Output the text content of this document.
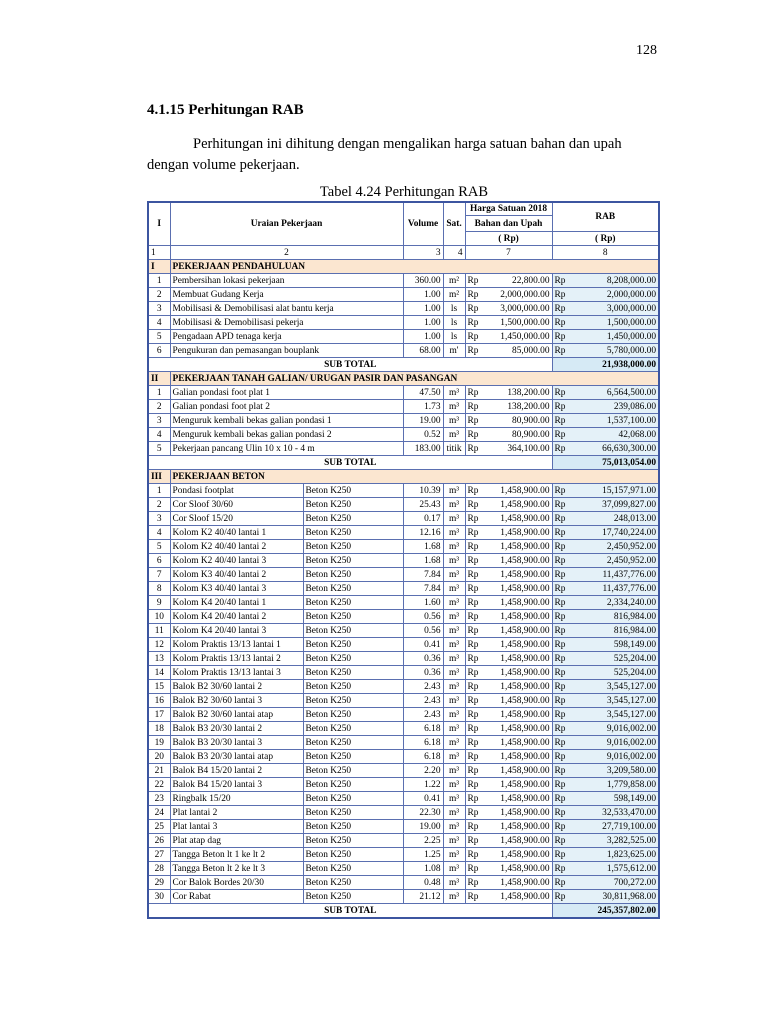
128
4.1.15 Perhitungan RAB
Perhitungan ini dihitung dengan mengalikan harga satuan bahan dan upah dengan volume pekerjaan.
Tabel 4.24 Perhitungan RAB
I	Uraian Pekerjaan		Volume	Sat.	Harga Satuan 2018		RAB	
					Bahan dan Upah			
					( Rp)		( Rp)	
1	2		3	4	7		8	
I	PEKERJAAN PENDAHULUAN							
1	Pembersihan lokasi pekerjaan		360.00	m²	Rp	22,800.00	Rp	8,208,000.00
2	Membuat Gudang Kerja		1.00	m²	Rp	2,000,000.00	Rp	2,000,000.00
3	Mobilisasi & Demobilisasi alat bantu kerja		1.00	ls	Rp	3,000,000.00	Rp	3,000,000.00
4	Mobilisasi & Demobilisasi pekerja		1.00	ls	Rp	1,500,000.00	Rp	1,500,000.00
5	Pengadaan APD tenaga kerja		1.00	ls	Rp	1,450,000.00	Rp	1,450,000.00
6	Pengukuran dan pemasangan bouplank		68.00	m'	Rp	85,000.00	Rp	5,780,000.00
SUB TOTAL							21,938,000.00	
II	PEKERJAAN TANAH GALIAN/ URUGAN PASIR DAN PASANGAN							
1	Galian pondasi foot plat 1		47.50	m³	Rp	138,200.00	Rp	6,564,500.00
2	Galian pondasi foot plat 2		1.73	m³	Rp	138,200.00	Rp	239,086.00
3	Menguruk kembali bekas galian pondasi 1		19.00	m³	Rp	80,900.00	Rp	1,537,100.00
4	Menguruk kembali bekas galian pondasi 2		0.52	m³	Rp	80,900.00	Rp	42,068.00
5	Pekerjaan pancang Ulin 10 x 10 - 4 m		183.00	titik	Rp	364,100.00	Rp	66,630,300.00
SUB TOTAL							75,013,054.00	
III	PEKERJAAN BETON							
1	Pondasi footplat	Beton K250	10.39	m³	Rp	1,458,900.00	Rp	15,157,971.00
2	Cor Sloof 30/60	Beton K250	25.43	m³	Rp	1,458,900.00	Rp	37,099,827.00
3	Cor Sloof 15/20	Beton K250	0.17	m³	Rp	1,458,900.00	Rp	248,013.00
4	Kolom K2 40/40 lantai 1	Beton K250	12.16	m³	Rp	1,458,900.00	Rp	17,740,224.00
5	Kolom K2 40/40 lantai 2	Beton K250	1.68	m³	Rp	1,458,900.00	Rp	2,450,952.00
6	Kolom K2 40/40 lantai 3	Beton K250	1.68	m³	Rp	1,458,900.00	Rp	2,450,952.00
7	Kolom K3 40/40 lantai 2	Beton K250	7.84	m³	Rp	1,458,900.00	Rp	11,437,776.00
8	Kolom K3 40/40 lantai 3	Beton K250	7.84	m³	Rp	1,458,900.00	Rp	11,437,776.00
9	Kolom K4 20/40 lantai 1	Beton K250	1.60	m³	Rp	1,458,900.00	Rp	2,334,240.00
10	Kolom K4 20/40 lantai 2	Beton K250	0.56	m³	Rp	1,458,900.00	Rp	816,984.00
11	Kolom K4 20/40 lantai 3	Beton K250	0.56	m³	Rp	1,458,900.00	Rp	816,984.00
12	Kolom Praktis 13/13 lantai 1	Beton K250	0.41	m³	Rp	1,458,900.00	Rp	598,149.00
13	Kolom Praktis 13/13 lantai 2	Beton K250	0.36	m³	Rp	1,458,900.00	Rp	525,204.00
14	Kolom Praktis 13/13 lantai 3	Beton K250	0.36	m³	Rp	1,458,900.00	Rp	525,204.00
15	Balok B2 30/60 lantai 2	Beton K250	2.43	m³	Rp	1,458,900.00	Rp	3,545,127.00
16	Balok B2 30/60 lantai 3	Beton K250	2.43	m³	Rp	1,458,900.00	Rp	3,545,127.00
17	Balok B2 30/60 lantai atap	Beton K250	2.43	m³	Rp	1,458,900.00	Rp	3,545,127.00
18	Balok B3 20/30 lantai 2	Beton K250	6.18	m³	Rp	1,458,900.00	Rp	9,016,002.00
19	Balok B3 20/30 lantai 3	Beton K250	6.18	m³	Rp	1,458,900.00	Rp	9,016,002.00
20	Balok B3 20/30 lantai atap	Beton K250	6.18	m³	Rp	1,458,900.00	Rp	9,016,002.00
21	Balok B4 15/20 lantai 2	Beton K250	2.20	m³	Rp	1,458,900.00	Rp	3,209,580.00
22	Balok B4 15/20 lantai 3	Beton K250	1.22	m³	Rp	1,458,900.00	Rp	1,779,858.00
23	Ringbalk 15/20	Beton K250	0.41	m³	Rp	1,458,900.00	Rp	598,149.00
24	Plat lantai 2	Beton K250	22.30	m³	Rp	1,458,900.00	Rp	32,533,470.00
25	Plat lantai 3	Beton K250	19.00	m³	Rp	1,458,900.00	Rp	27,719,100.00
26	Plat atap dag	Beton K250	2.25	m³	Rp	1,458,900.00	Rp	3,282,525.00
27	Tangga Beton lt 1 ke lt 2	Beton K250	1.25	m³	Rp	1,458,900.00	Rp	1,823,625.00
28	Tangga Beton lt 2 ke lt 3	Beton K250	1.08	m³	Rp	1,458,900.00	Rp	1,575,612.00
29	Cor Balok Bordes 20/30	Beton K250	0.48	m³	Rp	1,458,900.00	Rp	700,272.00
30	Cor Rabat	Beton K250	21.12	m³	Rp	1,458,900.00	Rp	30,811,968.00
SUB TOTAL							245,357,802.00	
